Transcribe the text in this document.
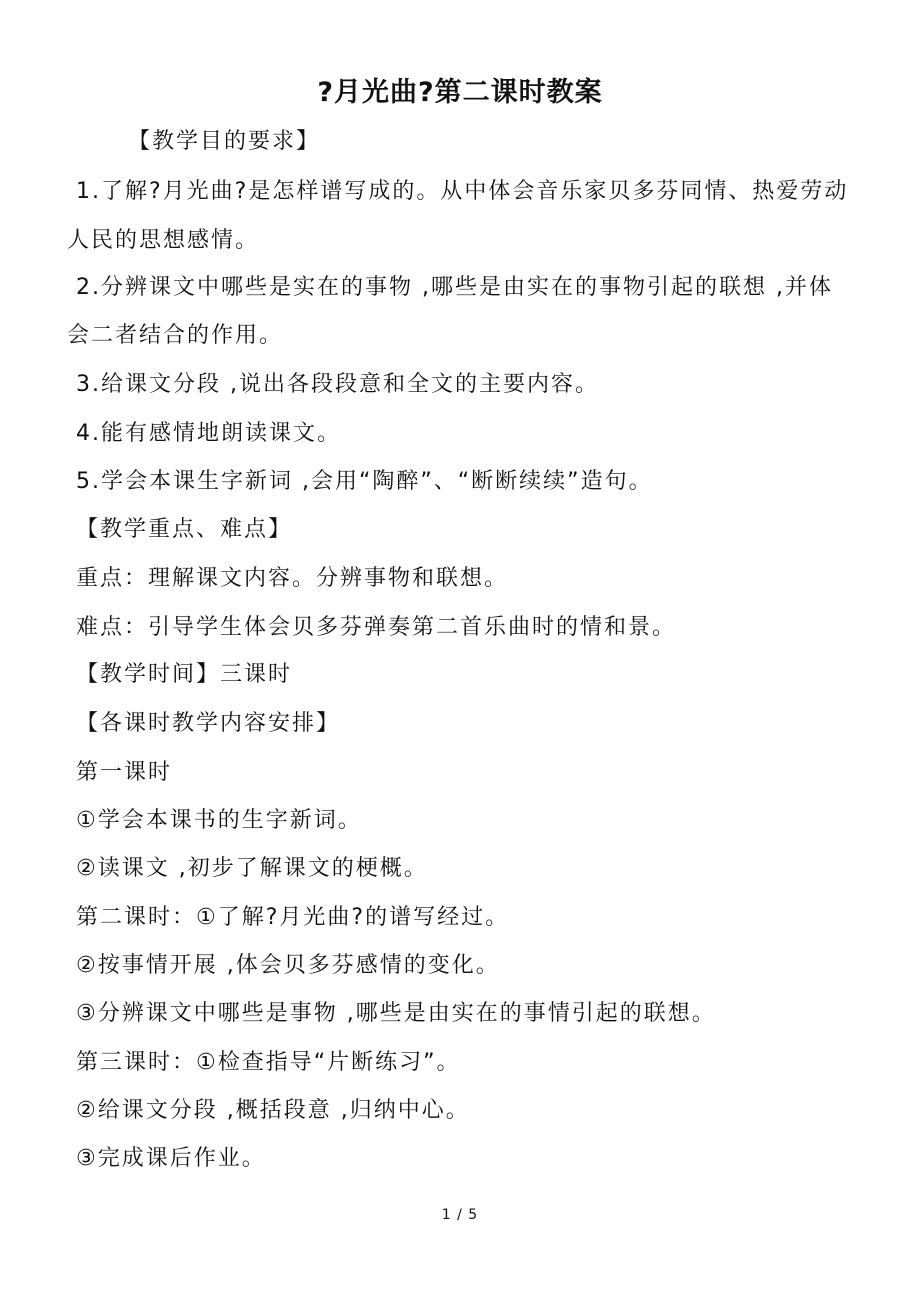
?月光曲?第二课时教案
【教学目的要求】
1.了解?月光曲?是怎样谱写成的。从中体会音乐家贝多芬同情、热爱劳动
人民的思想感情。
2.分辨课文中哪些是实在的事物 ,哪些是由实在的事物引起的联想 ,并体
会二者结合的作用。
3.给课文分段 ,说出各段段意和全文的主要内容。
4.能有感情地朗读课文。
5.学会本课生字新词 ,会用“陶醉”、“断断续续”造句。
【教学重点、难点】
重点：理解课文内容。分辨事物和联想。
难点：引导学生体会贝多芬弹奏第二首乐曲时的情和景。
【教学时间】三课时
【各课时教学内容安排】
第一课时
①学会本课书的生字新词。
②读课文 ,初步了解课文的梗概。
第二课时：①了解?月光曲?的谱写经过。
②按事情开展 ,体会贝多芬感情的变化。
③分辨课文中哪些是事物 ,哪些是由实在的事情引起的联想。
第三课时：①检查指导“片断练习”。
②给课文分段 ,概括段意 ,归纳中心。
③完成课后作业。
1 / 5
